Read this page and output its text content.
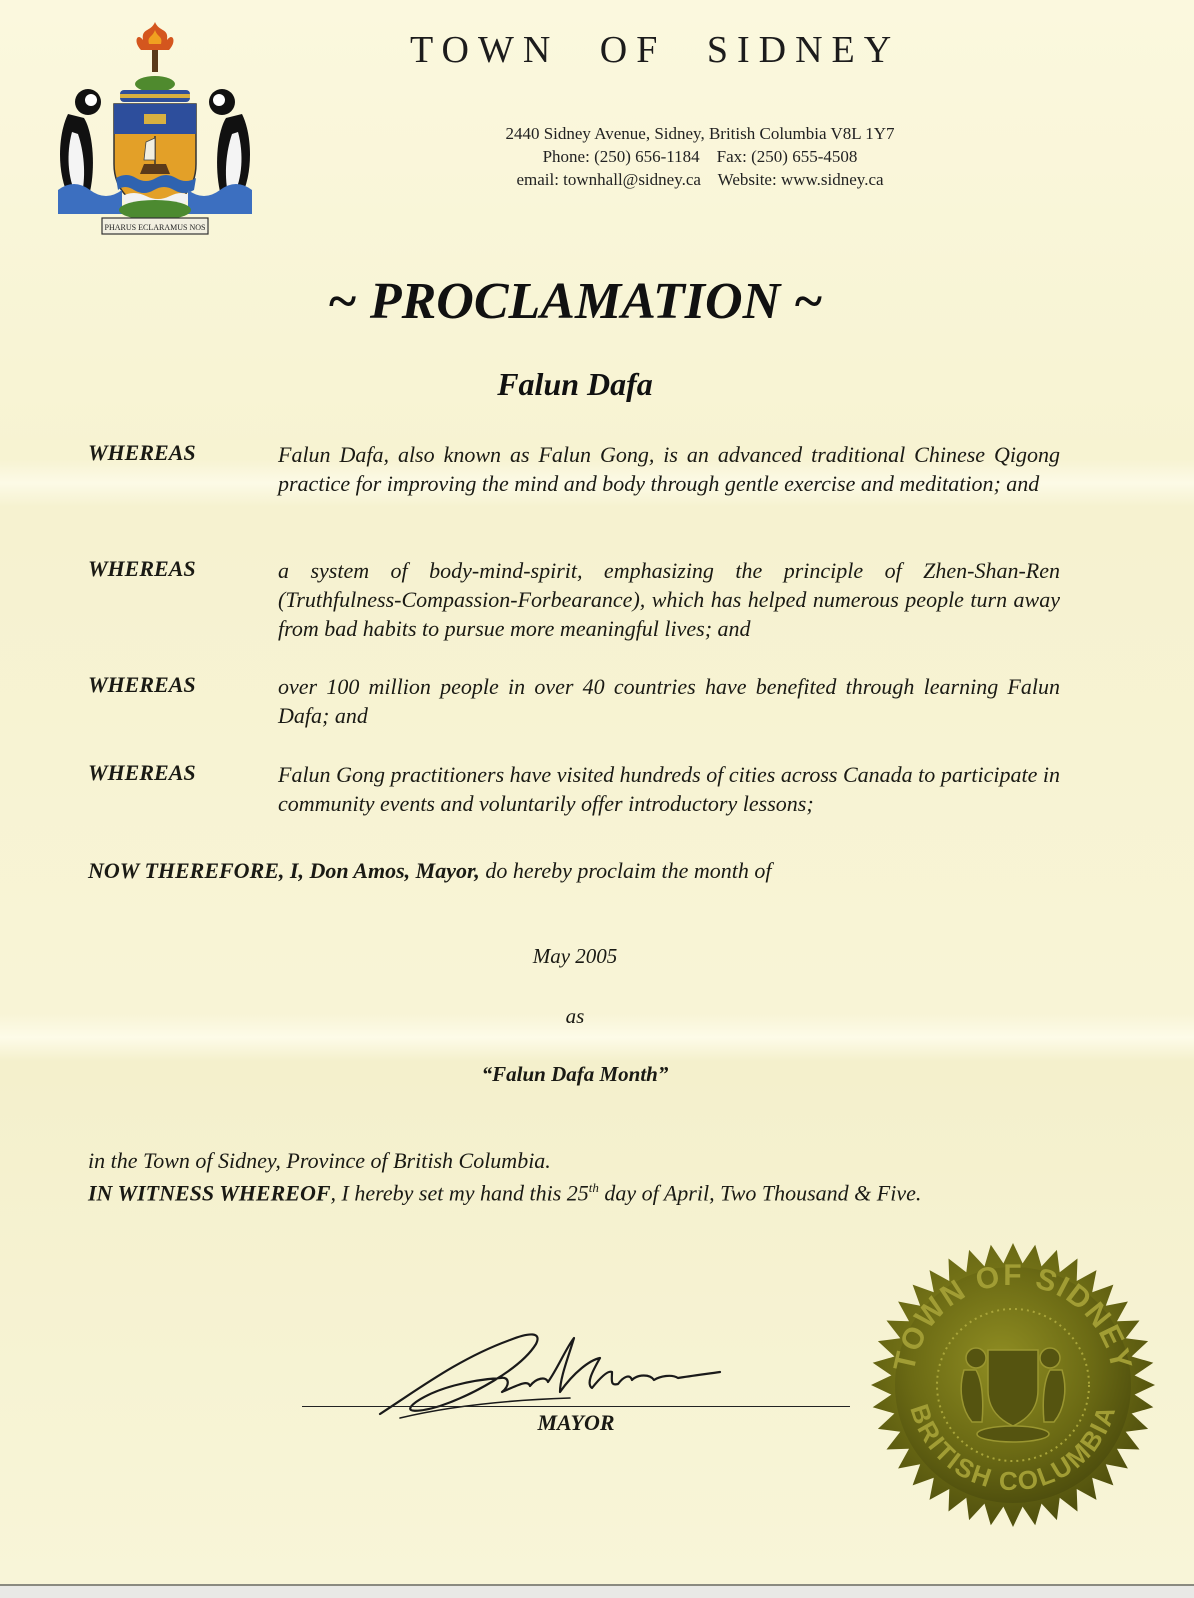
PHARUS ECLARAMUS NOS
TOWN OF SIDNEY
2440 Sidney Avenue, Sidney, British Columbia V8L 1Y7
Phone: (250) 656-1184    Fax: (250) 655-4508
email: townhall@sidney.ca    Website: www.sidney.ca
~ PROCLAMATION ~
Falun Dafa
WHEREAS	Falun Dafa, also known as Falun Gong, is an advanced traditional Chinese Qigong practice for improving the mind and body through gentle exercise and meditation; and
WHEREAS	a system of body-mind-spirit, emphasizing the principle of Zhen-Shan-Ren (Truthfulness-Compassion-Forbearance), which has helped numerous people turn away from bad habits to pursue more meaningful lives; and
WHEREAS	over 100 million people in over 40 countries have benefited through learning Falun Dafa; and
WHEREAS	Falun Gong practitioners have visited hundreds of cities across Canada to participate in community events and voluntarily offer introductory lessons;
NOW THEREFORE, I, Don Amos, Mayor, do hereby proclaim the month of
May 2005
as
“Falun Dafa Month”
in the Town of Sidney, Province of British Columbia.
IN WITNESS WHEREOF, I hereby set my hand this 25th day of April, Two Thousand & Five.
MAYOR
TOWN OF SIDNEY
BRITISH COLUMBIA
